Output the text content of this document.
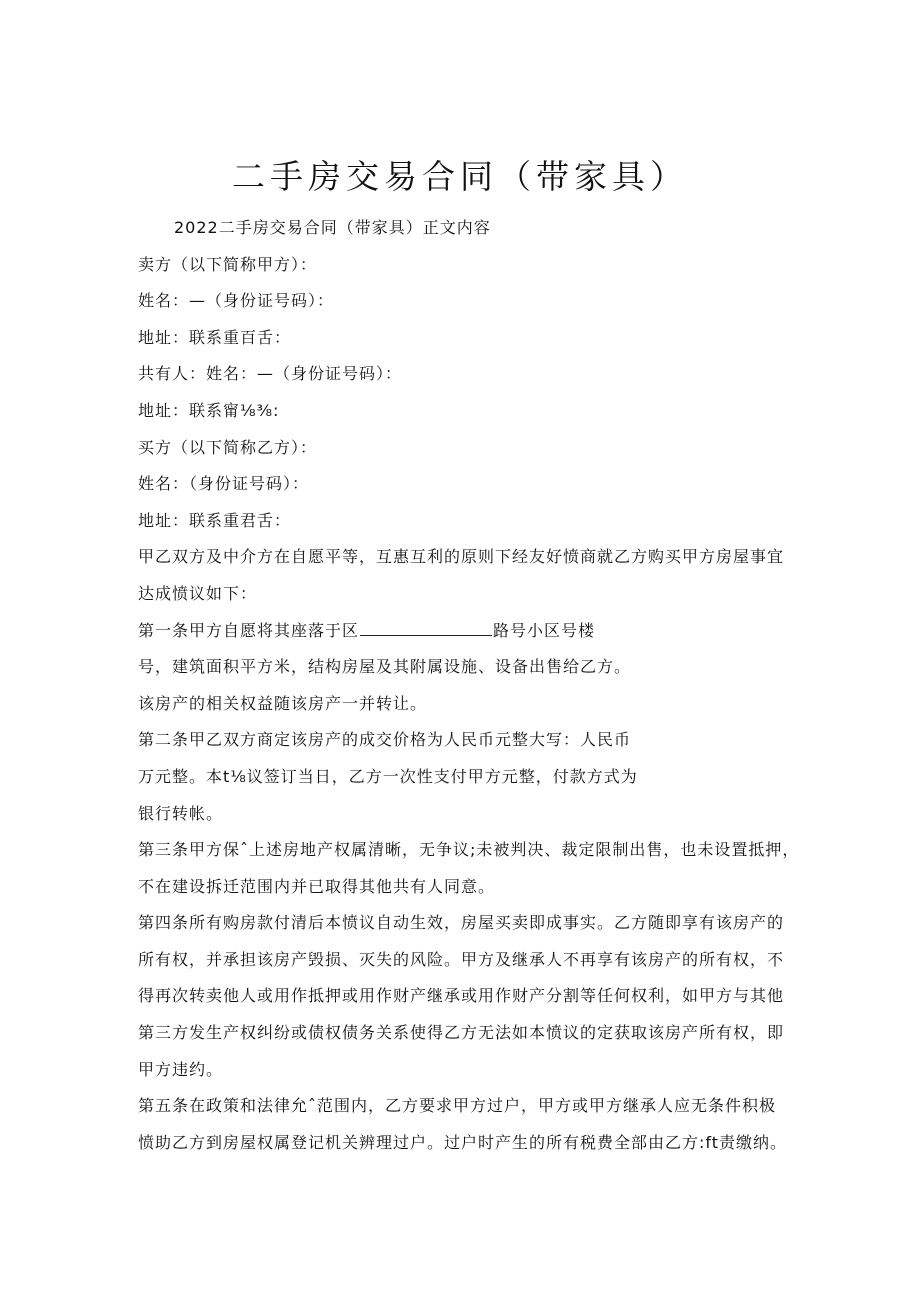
二手房交易合同（带家具）
2022二手房交易合同（带家具）正文内容
卖方（以下简称甲方）：
姓名：—（身份证号码）：
地址：联系重百舌：
共有人：姓名：—（身份证号码）：
地址：联系甯⅛⅜:
买方（以下简称乙方）：
姓名：（身份证号码）：
地址：联系重君舌：
甲乙双方及中介方在自愿平等，互惠互利的原则下经友好愤商就乙方购买甲方房屋事宜
达成愤议如下：
第一条甲方自愿将其座落于区	路号小区号楼
号，建筑面积平方米，结构房屋及其附属设施、设备出售给乙方。
该房产的相关权益随该房产一并转让。
第二条甲乙双方商定该房产的成交价格为人民币元整大写：人民币
万元整。本t⅛议签订当日，乙方一次性支付甲方元整，付款方式为
银行转帐。
第三条甲方保ˆ上述房地产权属清晰，无争议;未被判决、裁定限制出售，也未设置抵押，
不在建设拆迁范围内并已取得其他共有人同意。
第四条所有购房款付清后本愤议自动生效，房屋买卖即成事实。乙方随即享有该房产的
所有权，并承担该房产毁损、灭失的风险。甲方及继承人不再享有该房产的所有权，不
得再次转卖他人或用作抵押或用作财产继承或用作财产分割等任何权利，如甲方与其他
第三方发生产权纠纷或债权债务关系使得乙方无法如本愤议的定获取该房产所有权，即
甲方违约。
第五条在政策和法律允ˆ范围内，乙方要求甲方过户，甲方或甲方继承人应无条件积极
愤助乙方到房屋权属登记机关辨理过户。过户时产生的所有税费全部由乙方:ft责缴纳。
